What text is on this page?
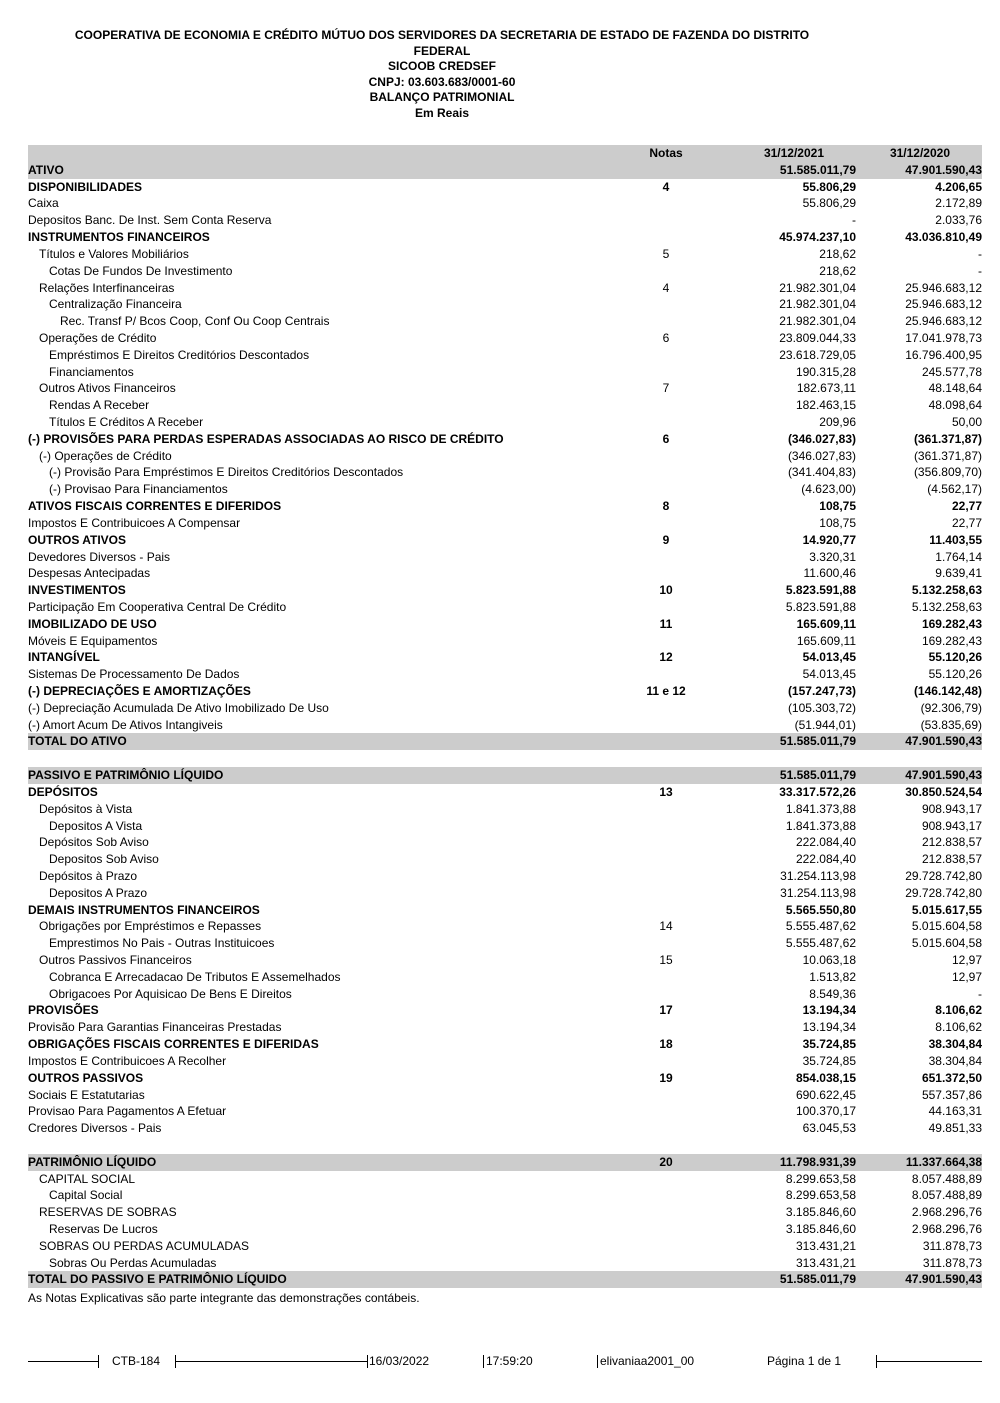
COOPERATIVA DE ECONOMIA E CRÉDITO MÚTUO DOS SERVIDORES DA SECRETARIA DE ESTADO DE FAZENDA DO DISTRITO
FEDERAL
SICOOB CREDSEF
CNPJ: 03.603.683/0001-60
BALANÇO PATRIMONIAL
Em Reais
Notas	31/12/2021	31/12/2020
ATIVO	51.585.011,79	47.901.590,43
DISPONIBILIDADES	4	55.806,29	4.206,65
Caixa	55.806,29	2.172,89
Depositos Banc. De Inst. Sem Conta Reserva	-	2.033,76
INSTRUMENTOS FINANCEIROS	45.974.237,10	43.036.810,49
Títulos e Valores Mobiliários	5	218,62	-
Cotas De Fundos De Investimento	218,62	-
Relações Interfinanceiras	4	21.982.301,04	25.946.683,12
Centralização Financeira	21.982.301,04	25.946.683,12
Rec. Transf P/ Bcos Coop, Conf Ou Coop Centrais	21.982.301,04	25.946.683,12
Operações de Crédito	6	23.809.044,33	17.041.978,73
Empréstimos E Direitos Creditórios Descontados	23.618.729,05	16.796.400,95
Financiamentos	190.315,28	245.577,78
Outros Ativos Financeiros	7	182.673,11	48.148,64
Rendas A Receber	182.463,15	48.098,64
Títulos E Créditos A Receber	209,96	50,00
(-) PROVISÕES PARA PERDAS ESPERADAS ASSOCIADAS AO RISCO DE CRÉDITO	6	(346.027,83)	(361.371,87)
(-) Operações de Crédito	(346.027,83)	(361.371,87)
(-) Provisão Para Empréstimos E Direitos Creditórios Descontados	(341.404,83)	(356.809,70)
(-) Provisao Para Financiamentos	(4.623,00)	(4.562,17)
ATIVOS FISCAIS CORRENTES E DIFERIDOS	8	108,75	22,77
Impostos E Contribuicoes A Compensar	108,75	22,77
OUTROS ATIVOS	9	14.920,77	11.403,55
Devedores Diversos - Pais	3.320,31	1.764,14
Despesas Antecipadas	11.600,46	9.639,41
INVESTIMENTOS	10	5.823.591,88	5.132.258,63
Participação Em Cooperativa Central De Crédito	5.823.591,88	5.132.258,63
IMOBILIZADO DE USO	11	165.609,11	169.282,43
Móveis E Equipamentos	165.609,11	169.282,43
INTANGÍVEL	12	54.013,45	55.120,26
Sistemas De Processamento De Dados	54.013,45	55.120,26
(-) DEPRECIAÇÕES E AMORTIZAÇÕES	11 e 12	(157.247,73)	(146.142,48)
(-) Depreciação Acumulada De Ativo Imobilizado De Uso	(105.303,72)	(92.306,79)
(-) Amort Acum De Ativos Intangiveis	(51.944,01)	(53.835,69)
TOTAL DO ATIVO	51.585.011,79	47.901.590,43
PASSIVO E PATRIMÔNIO LÍQUIDO	51.585.011,79	47.901.590,43
DEPÓSITOS	13	33.317.572,26	30.850.524,54
Depósitos à Vista	1.841.373,88	908.943,17
Depositos A Vista	1.841.373,88	908.943,17
Depósitos Sob Aviso	222.084,40	212.838,57
Depositos Sob Aviso	222.084,40	212.838,57
Depósitos à Prazo	31.254.113,98	29.728.742,80
Depositos A Prazo	31.254.113,98	29.728.742,80
DEMAIS INSTRUMENTOS FINANCEIROS	5.565.550,80	5.015.617,55
Obrigações por Empréstimos e Repasses	14	5.555.487,62	5.015.604,58
Emprestimos No Pais - Outras Instituicoes	5.555.487,62	5.015.604,58
Outros Passivos Financeiros	15	10.063,18	12,97
Cobranca E Arrecadacao De Tributos E Assemelhados	1.513,82	12,97
Obrigacoes Por Aquisicao De Bens E Direitos	8.549,36	-
PROVISÕES	17	13.194,34	8.106,62
Provisão Para Garantias Financeiras Prestadas	13.194,34	8.106,62
OBRIGAÇÕES FISCAIS CORRENTES E DIFERIDAS	18	35.724,85	38.304,84
Impostos E Contribuicoes A Recolher	35.724,85	38.304,84
OUTROS PASSIVOS	19	854.038,15	651.372,50
Sociais E Estatutarias	690.622,45	557.357,86
Provisao Para Pagamentos A Efetuar	100.370,17	44.163,31
Credores Diversos - Pais	63.045,53	49.851,33
PATRIMÔNIO LÍQUIDO	20	11.798.931,39	11.337.664,38
CAPITAL SOCIAL	8.299.653,58	8.057.488,89
Capital Social	8.299.653,58	8.057.488,89
RESERVAS DE SOBRAS	3.185.846,60	2.968.296,76
Reservas De Lucros	3.185.846,60	2.968.296,76
SOBRAS OU PERDAS ACUMULADAS	313.431,21	311.878,73
Sobras Ou Perdas Acumuladas	313.431,21	311.878,73
TOTAL DO PASSIVO E PATRIMÔNIO LÍQUIDO	51.585.011,79	47.901.590,43
As Notas Explicativas são parte integrante das demonstrações contábeis.
CTB-184	16/03/2022	17:59:20	elivaniaa2001_00	Página 1 de 1
